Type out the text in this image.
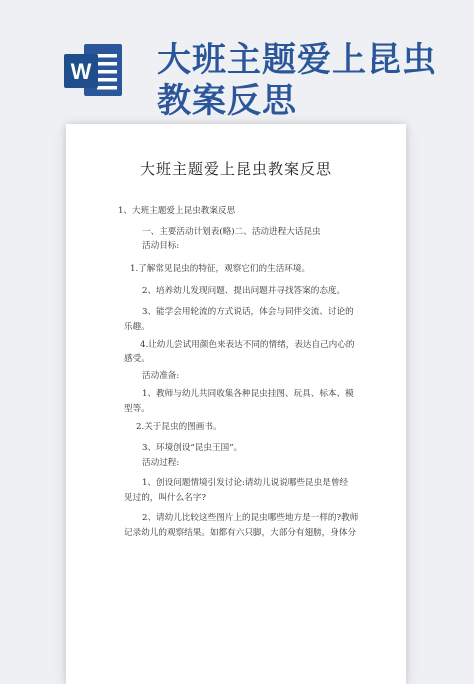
W 大班主题爱上昆虫教案反思
大班主题爱上昆虫教案反思
1、大班主题爱上昆虫教案反思
一、主要活动计划表(略)二、活动进程大话昆虫
活动目标:
1.了解常见昆虫的特征，观察它们的生活环境。
2、培养幼儿发现问题、提出问题并寻找答案的态度。
3、能学会用轮流的方式说话，体会与同伴交流、讨论的
乐趣。
4.让幼儿尝试用颜色来表达不同的情绪，表达自己内心的
感受。
活动准备:
1、教师与幼儿共同收集各种昆虫挂图、玩具、标本、模
型等。
2.关于昆虫的图画书。
3、环境创设“昆虫王国”。
活动过程:
1、创设问题情境引发讨论:请幼儿说说哪些昆虫是曾经
见过的，叫什么名字?
2、请幼儿比较这些图片上的昆虫哪些地方是一样的?教师
记录幼儿的观察结果。如都有六只脚，大部分有翅膀，身体分
